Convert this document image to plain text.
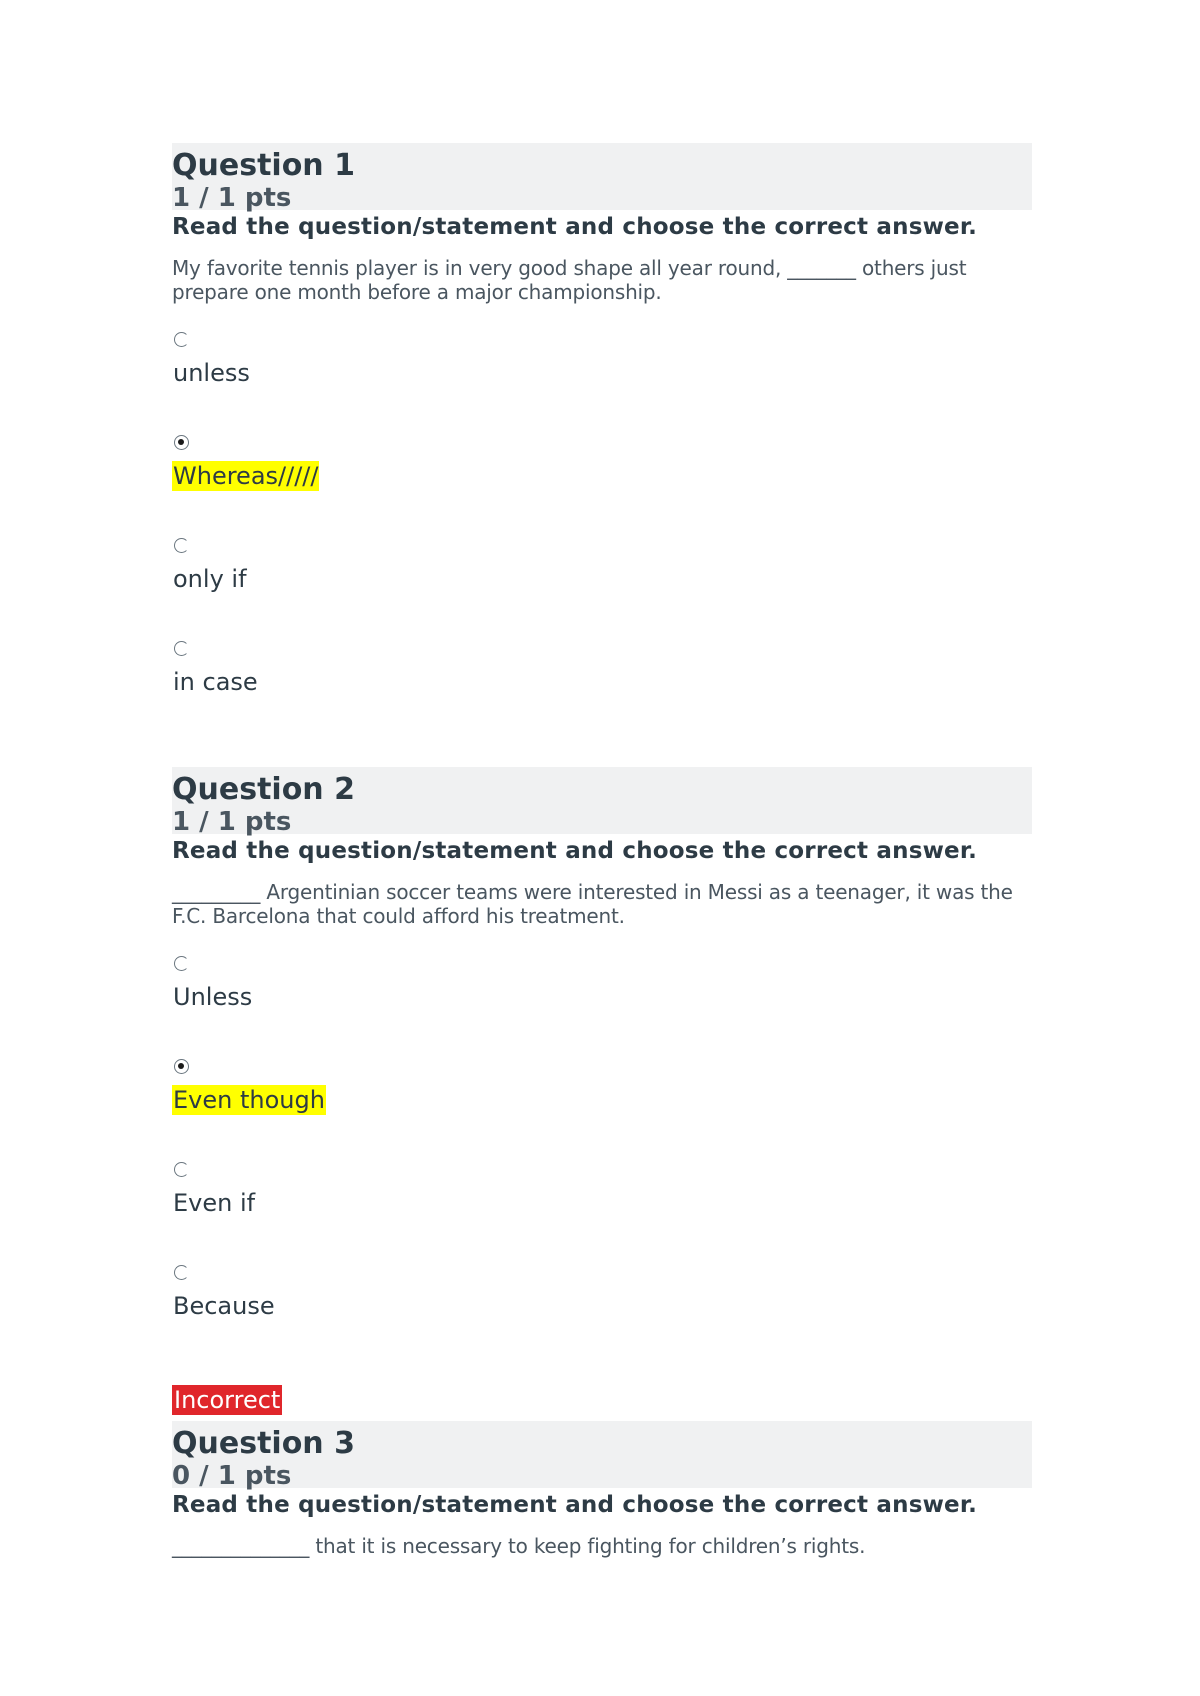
Question 1
1 / 1 pts
Read the question/statement and choose the correct answer.
My favorite tennis player is in very good shape all year round, _______ others just prepare one month before a major championship.
unless
Whereas/////
only if
in case
Question 2
1 / 1 pts
Read the question/statement and choose the correct answer.
_________ Argentinian soccer teams were interested in Messi as a teenager, it was the F.C. Barcelona that could afford his treatment.
Unless
Even though
Even if
Because
Incorrect
Question 3
0 / 1 pts
Read the question/statement and choose the correct answer.
______________ that it is necessary to keep fighting for children’s rights.
